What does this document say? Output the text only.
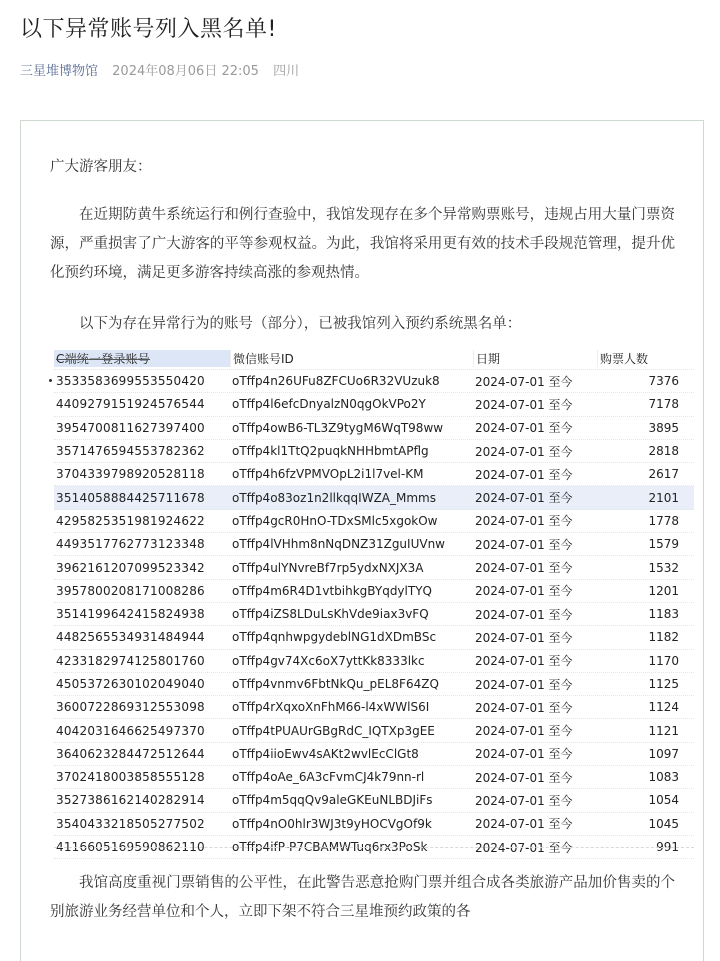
以下异常账号列入黑名单!
三星堆博物馆 2024年08月06日 22:05 四川
广大游客朋友：
在近期防黄牛系统运行和例行查验中，我馆发现存在多个异常购票账号，违规占用大量门票资源，严重损害了广大游客的平等参观权益。为此，我馆将采用更有效的技术手段规范管理，提升优化预约环境，满足更多游客持续高涨的参观热情。
以下为存在异常行为的账号（部分），已被我馆列入预约系统黑名单：
C端统一登录账号	微信账号ID	日期	购票人数
3533583699553550420	oTffp4n26UFu8ZFCUo6R32VUzuk8	2024-07-01 至今	7376
4409279151924576544	oTffp4l6efcDnyalzN0qgOkVPo2Y	2024-07-01 至今	7178
3954700811627397400	oTffp4owB6-TL3Z9tygM6WqT98ww	2024-07-01 至今	3895
3571476594553782362	oTffp4kl1TtQ2puqkNHHbmtAPflg	2024-07-01 至今	2818
3704339798920528118	oTffp4h6fzVPMVOpL2i1l7vel-KM	2024-07-01 至今	2617
3514058884425711678	oTffp4o83oz1n2llkqqIWZA_Mmms	2024-07-01 至今	2101
4295825351981924622	oTffp4gcR0HnO-TDxSMlc5xgokOw	2024-07-01 至今	1778
4493517762773123348	oTffp4lVHhm8nNqDNZ31ZguIUVnw	2024-07-01 至今	1579
3962161207099523342	oTffp4ulYNvreBf7rp5ydxNXJX3A	2024-07-01 至今	1532
3957800208171008286	oTffp4m6R4D1vtbihkgBYqdylTYQ	2024-07-01 至今	1201
3514199642415824938	oTffp4iZS8LDuLsKhVde9iax3vFQ	2024-07-01 至今	1183
4482565534931484944	oTffp4qnhwpgydeblNG1dXDmBSc	2024-07-01 至今	1182
4233182974125801760	oTffp4gv74Xc6oX7yttKk8333lkc	2024-07-01 至今	1170
4505372630102049040	oTffp4vnmv6FbtNkQu_pEL8F64ZQ	2024-07-01 至今	1125
3600722869312553098	oTffp4rXqxoXnFhM66-l4xWWlS6I	2024-07-01 至今	1124
4042031646625497370	oTffp4tPUAUrGBgRdC_IQTXp3gEE	2024-07-01 至今	1121
3640623284472512644	oTffp4iioEwv4sAKt2wvlEcClGt8	2024-07-01 至今	1097
3702418003858555128	oTffp4oAe_6A3cFvmCJ4k79nn-rl	2024-07-01 至今	1083
3527386162140282914	oTffp4m5qqQv9aleGKEuNLBDJiFs	2024-07-01 至今	1054
3540433218505277502	oTffp4nO0hlr3WJ3t9yHOCVgOf9k	2024-07-01 至今	1045
4116605169590862110	oTffp4ifP-P7CBAMWTuq6rx3PoSk	2024-07-01 至今	991
我馆高度重视门票销售的公平性，在此警告恶意抢购门票并组合成各类旅游产品加价售卖的个别旅游业务经营单位和个人，立即下架不符合三星堆预约政策的各
